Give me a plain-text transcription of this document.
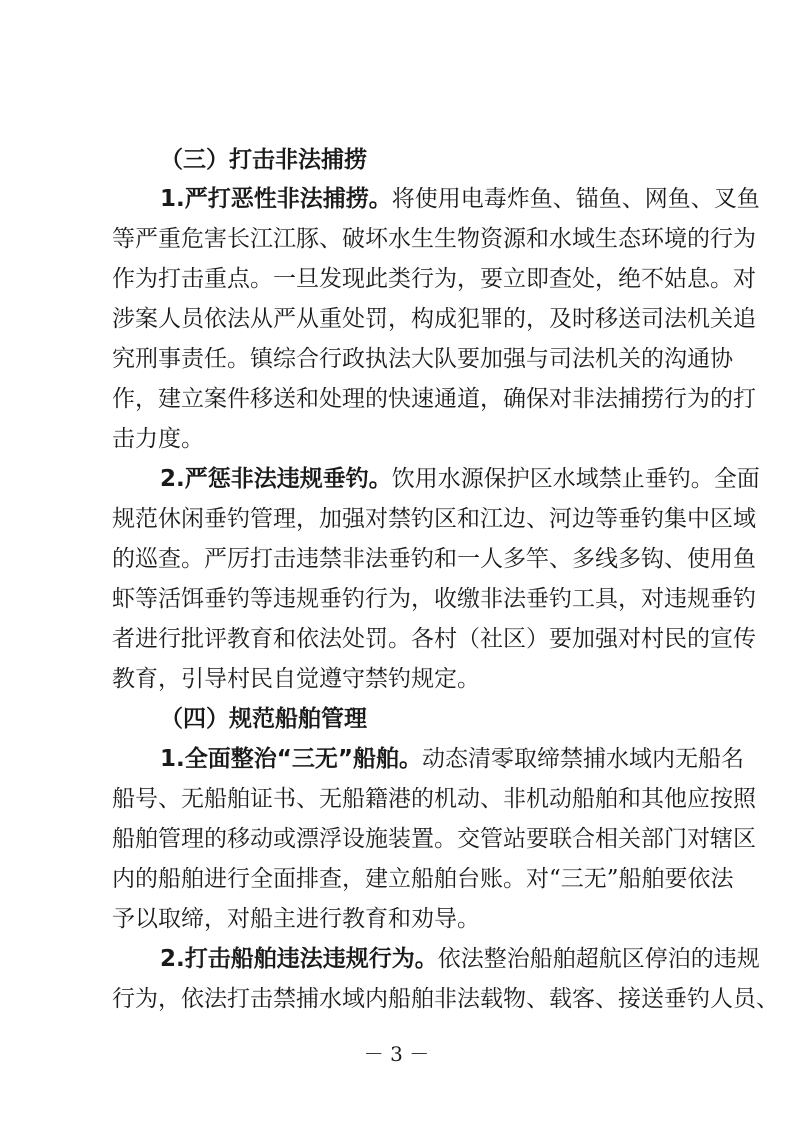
（三）打击非法捕捞
1.严打恶性非法捕捞。将使用电毒炸鱼、锚鱼、网鱼、叉鱼
等严重危害长江江豚、破坏水生生物资源和水域生态环境的行为
作为打击重点。一旦发现此类行为，要立即查处，绝不姑息。对
涉案人员依法从严从重处罚，构成犯罪的，及时移送司法机关追
究刑事责任。镇综合行政执法大队要加强与司法机关的沟通协
作，建立案件移送和处理的快速通道，确保对非法捕捞行为的打
击力度。
2.严惩非法违规垂钓。饮用水源保护区水域禁止垂钓。全面
规范休闲垂钓管理，加强对禁钓区和江边、河边等垂钓集中区域
的巡查。严厉打击违禁非法垂钓和一人多竿、多线多钩、使用鱼
虾等活饵垂钓等违规垂钓行为，收缴非法垂钓工具，对违规垂钓
者进行批评教育和依法处罚。各村（社区）要加强对村民的宣传
教育，引导村民自觉遵守禁钓规定。
（四）规范船舶管理
1.全面整治“三无”船舶。动态清零取缔禁捕水域内无船名
船号、无船舶证书、无船籍港的机动、非机动船舶和其他应按照
船舶管理的移动或漂浮设施装置。交管站要联合相关部门对辖区
内的船舶进行全面排查，建立船舶台账。对“三无”船舶要依法
予以取缔，对船主进行教育和劝导。
2.打击船舶违法违规行为。依法整治船舶超航区停泊的违规
行为，依法打击禁捕水域内船舶非法载物、载客、接送垂钓人员、
－ 3 －
